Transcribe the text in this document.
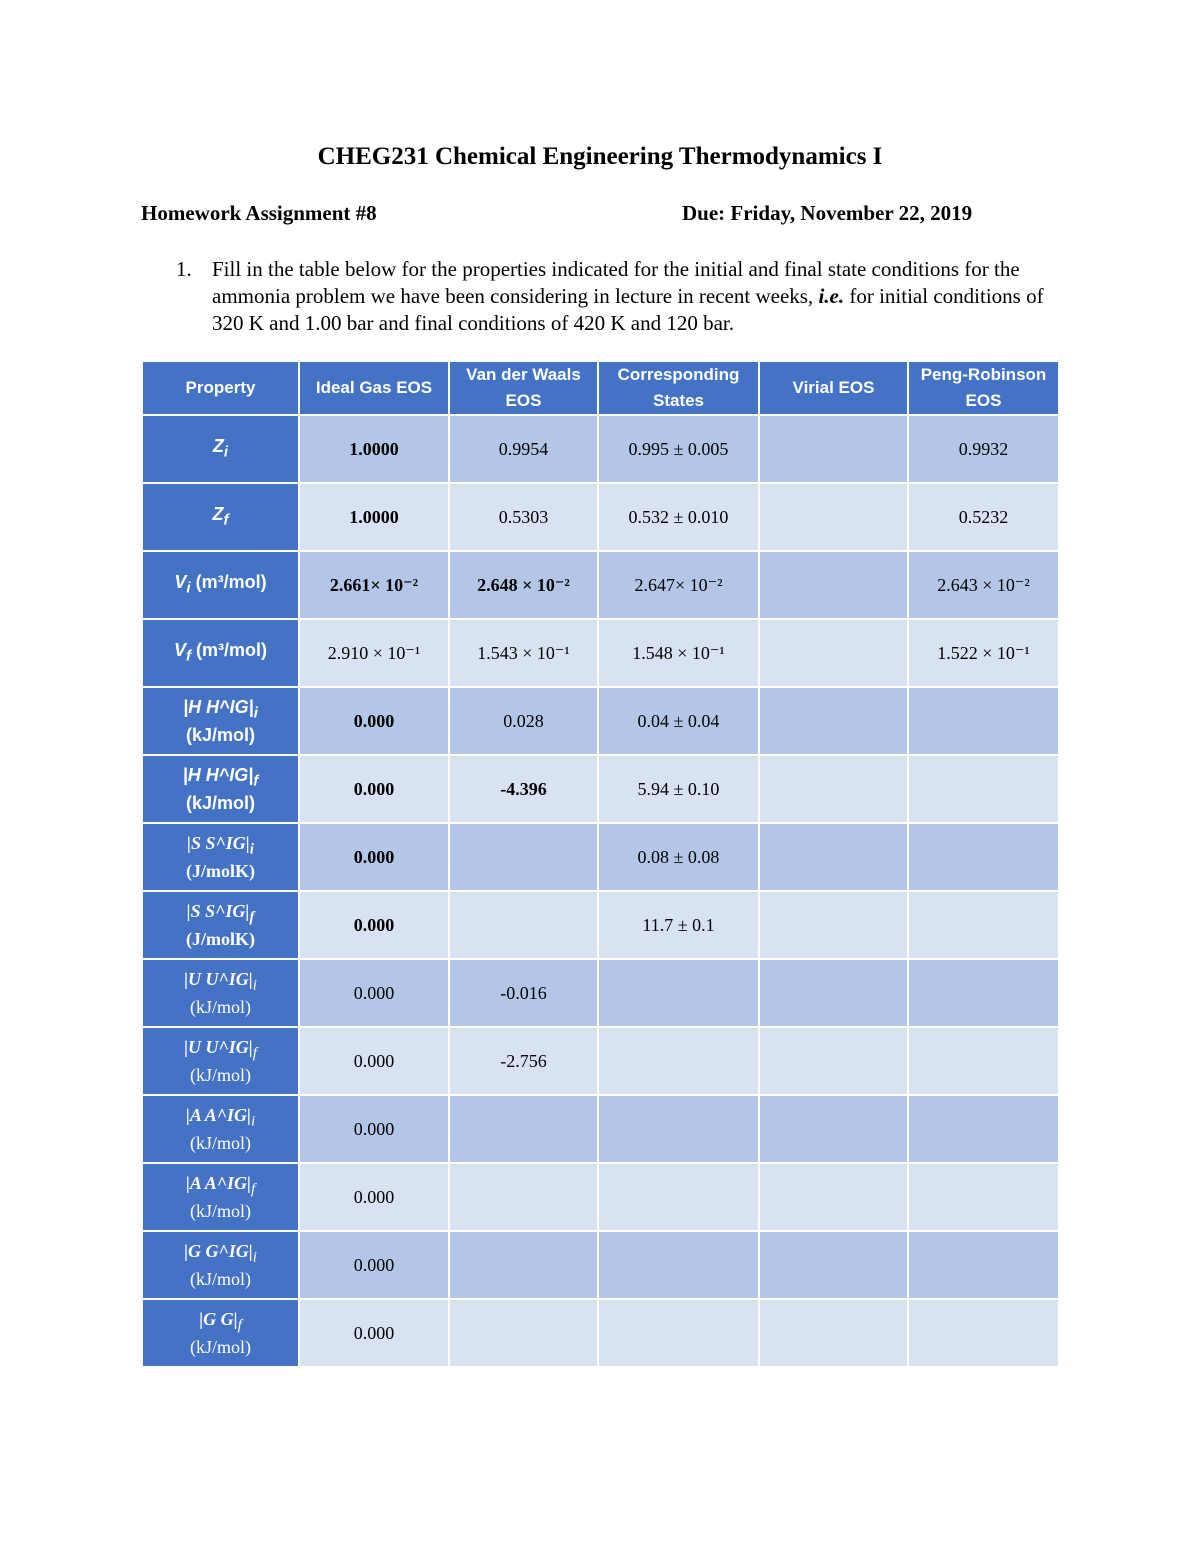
CHEG231 Chemical Engineering Thermodynamics I
Homework Assignment #8	Due: Friday, November 22, 2019
1. Fill in the table below for the properties indicated for the initial and final state conditions for the ammonia problem we have been considering in lecture in recent weeks, i.e. for initial conditions of 320 K and 1.00 bar and final conditions of 420 K and 120 bar.
Property	Ideal Gas EOS	Van der Waals EOS	Corresponding States	Virial EOS	Peng-Robinson EOS
$Z_i$	1.0000	0.9954	0.995 ± 0.005		0.9932
$Z_f$	1.0000	0.5303	0.532 ± 0.010		0.5232
$V_i$ (m³/mol)	2.661× 10⁻²	2.648 × 10⁻²	2.647× 10⁻²		2.643 × 10⁻²
$V_f$ (m³/mol)	2.910 × 10⁻¹	1.543 × 10⁻¹	1.548 × 10⁻¹		1.522 × 10⁻¹
|H $H\^{}IG|_i$
(kJ/mol)	0.000	0.028	0.04 ± 0.04		
|H $H\^{}IG|_f$
(kJ/mol)	0.000	-4.396	5.94 ± 0.10		
|S $S\^{}IG|_i$
(J/molK)	0.000		0.08 ± 0.08		
|S $S\^{}IG|_f$
(J/molK)	0.000		11.7 ± 0.1		
|U $U\^{}IG|_i$
(kJ/mol)	0.000	-0.016			
|U $U\^{}IG|_f$
(kJ/mol)	0.000	-2.756			
|A $A\^{}IG|_i$
(kJ/mol)	0.000				
|A $A\^{}IG|_f$
(kJ/mol)	0.000				
|G $G\^{}IG|_i$
(kJ/mol)	0.000				
|G $G|_f$
(kJ/mol)	0.000				
